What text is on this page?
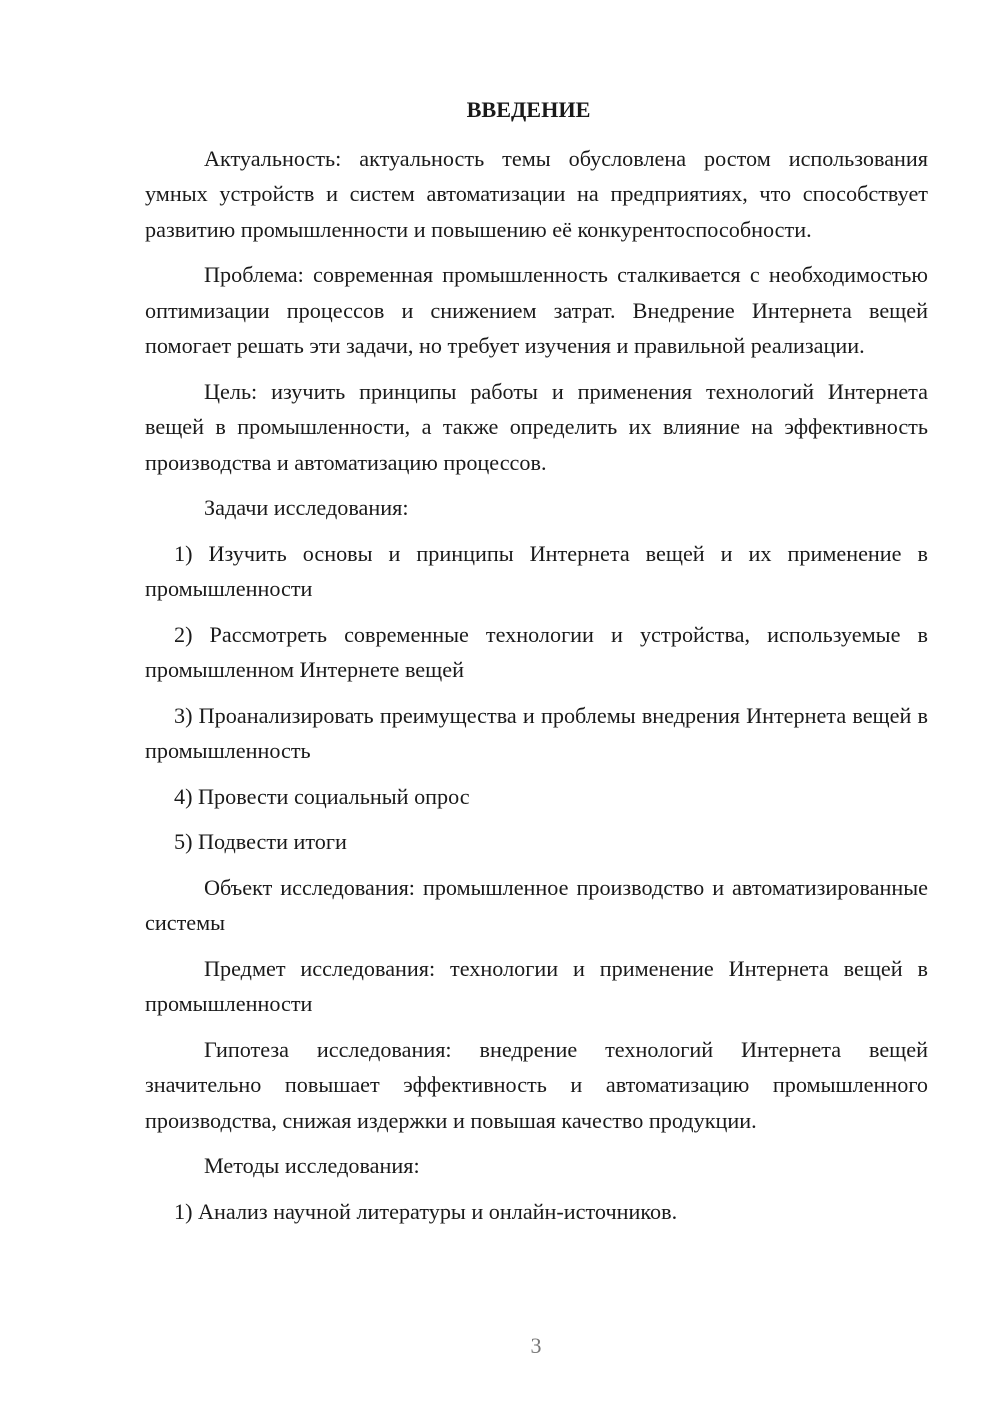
ВВЕДЕНИЕ

Актуальность: актуальность темы обусловлена ростом использования умных устройств и систем автоматизации на предприятиях, что способствует развитию промышленности и повышению её конкурентоспособности.

Проблема: современная промышленность сталкивается с необходимостью оптимизации процессов и снижением затрат. Внедрение Интернета вещей помогает решать эти задачи, но требует изучения и правильной реализации.

Цель: изучить принципы работы и применения технологий Интернета вещей в промышленности, а также определить их влияние на эффективность производства и автоматизацию процессов.

Задачи исследования:

1) Изучить основы и принципы Интернета вещей и их применение в промышленности

2) Рассмотреть современные технологии и устройства, используемые в промышленном Интернете вещей

3) Проанализировать преимущества и проблемы внедрения Интернета вещей в промышленность

4) Провести социальный опрос

5) Подвести итоги

Объект исследования: промышленное производство и автоматизированные системы

Предмет исследования: технологии и применение Интернета вещей в промышленности

Гипотеза исследования: внедрение технологий Интернета вещей значительно повышает эффективность и автоматизацию промышленного производства, снижая издержки и повышая качество продукции.

Методы исследования:

1) Анализ научной литературы и онлайн-источников.

3
